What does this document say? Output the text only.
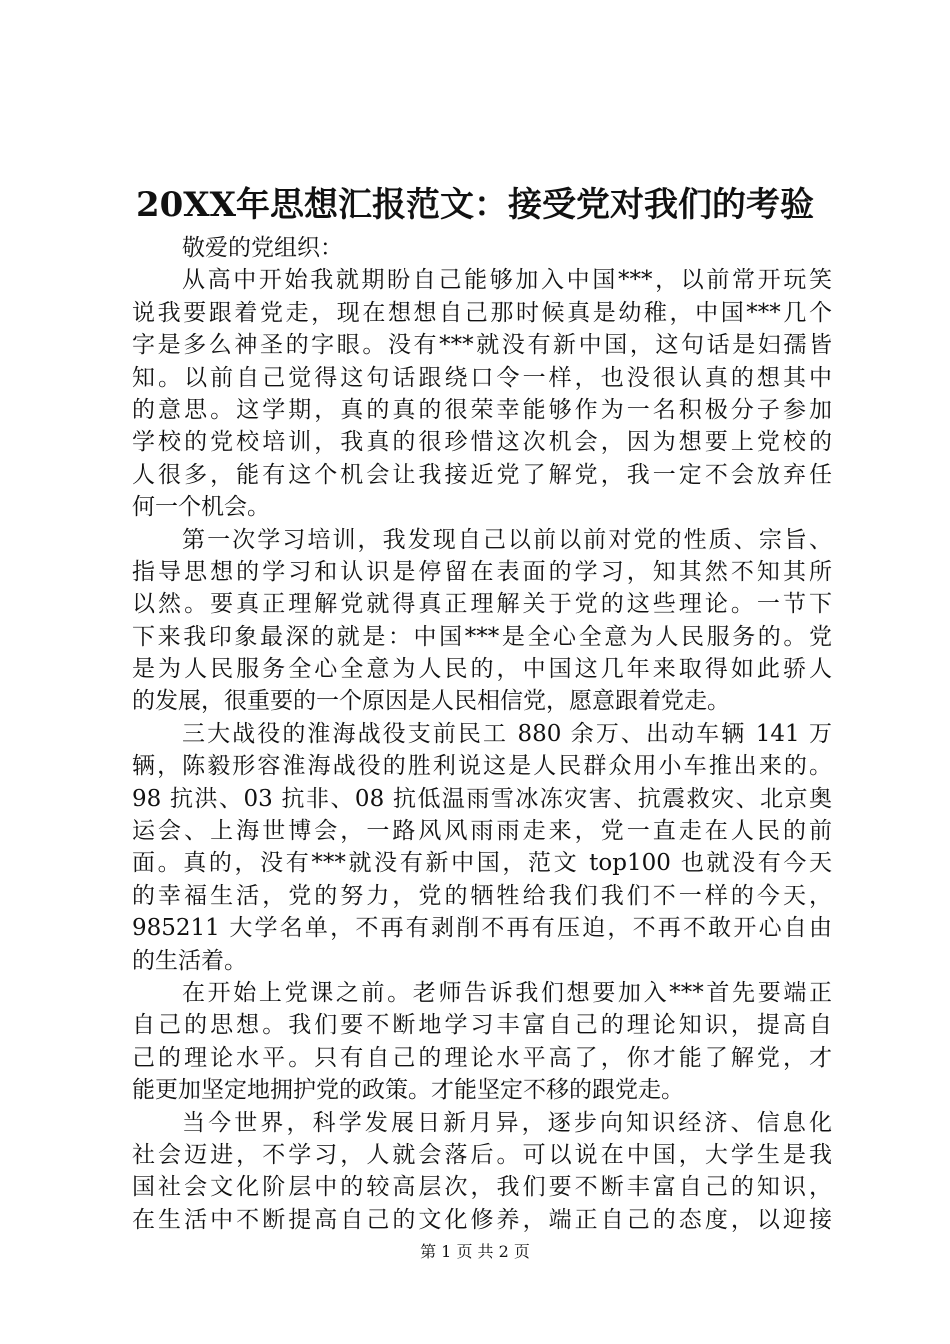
20XX年思想汇报范文：接受党对我们的考验
敬爱的党组织：
从高中开始我就期盼自己能够加入中国***，以前常开玩笑
说我要跟着党走，现在想想自己那时候真是幼稚，中国***几个
字是多么神圣的字眼。没有***就没有新中国，这句话是妇孺皆
知。以前自己觉得这句话跟绕口令一样，也没很认真的想其中
的意思。这学期，真的真的很荣幸能够作为一名积极分子参加
学校的党校培训，我真的很珍惜这次机会，因为想要上党校的
人很多，能有这个机会让我接近党了解党，我一定不会放弃任
何一个机会。
第一次学习培训，我发现自己以前以前对党的性质、宗旨、
指导思想的学习和认识是停留在表面的学习，知其然不知其所
以然。要真正理解党就得真正理解关于党的这些理论。一节下
下来我印象最深的就是：中国***是全心全意为人民服务的。党
是为人民服务全心全意为人民的，中国这几年来取得如此骄人
的发展，很重要的一个原因是人民相信党，愿意跟着党走。
三大战役的淮海战役支前民工 880 余万、出动车辆 141 万
辆，陈毅形容淮海战役的胜利说这是人民群众用小车推出来的。
98 抗洪、03 抗非、08 抗低温雨雪冰冻灾害、抗震救灾、北京奥
运会、上海世博会，一路风风雨雨走来，党一直走在人民的前
面。真的，没有***就没有新中国，范文 top100 也就没有今天
的幸福生活，党的努力，党的牺牲给我们我们不一样的今天，
985211 大学名单，不再有剥削不再有压迫，不再不敢开心自由
的生活着。
在开始上党课之前。老师告诉我们想要加入***首先要端正
自己的思想。我们要不断地学习丰富自己的理论知识，提高自
己的理论水平。只有自己的理论水平高了，你才能了解党，才
能更加坚定地拥护党的政策。才能坚定不移的跟党走。
当今世界，科学发展日新月异，逐步向知识经济、信息化
社会迈进，不学习，人就会落后。可以说在中国，大学生是我
国社会文化阶层中的较高层次，我们要不断丰富自己的知识，
在生活中不断提高自己的文化修养，端正自己的态度，以迎接
第 1 页 共 2 页
